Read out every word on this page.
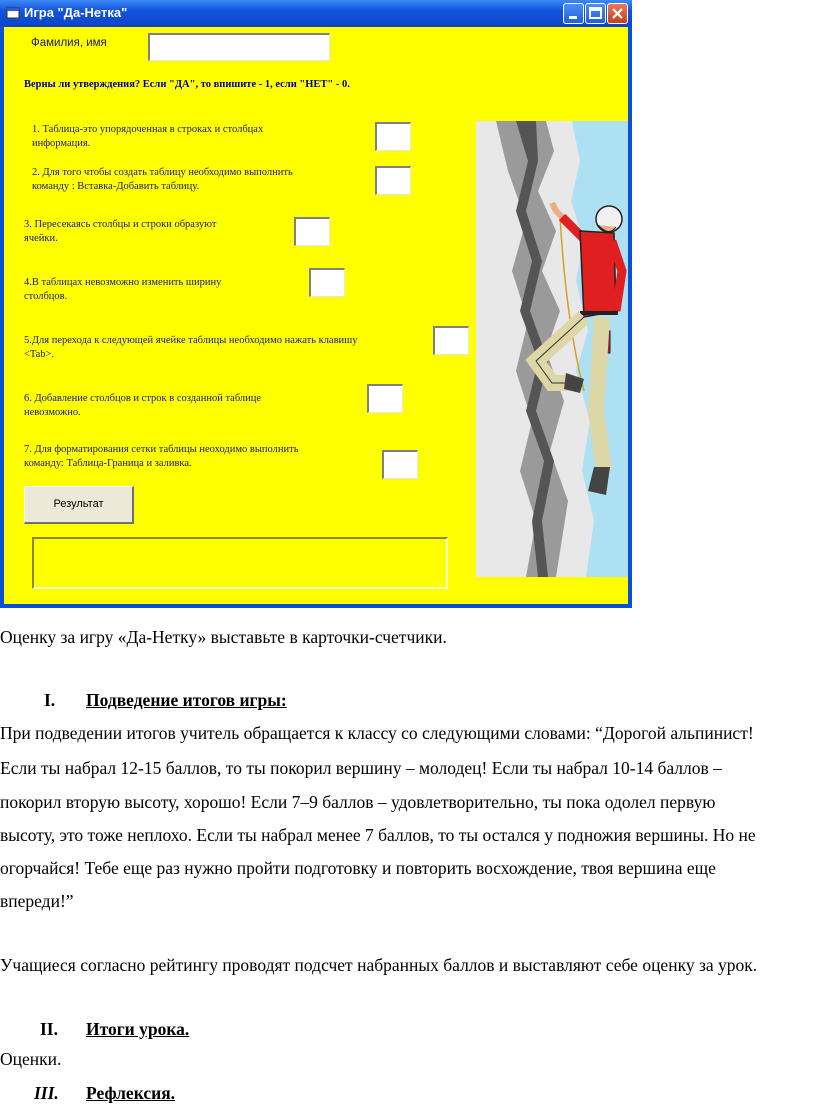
Игра "Да-Нетка"
Фамилия, имя
Верны ли утверждения? Если "ДА", то впишите - 1, если "НЕТ" - 0.
1. Таблица-это упорядоченная в строках и столбцах
информация.
2. Для того чтобы создать таблицу необходимо выполнить
команду : Вставка-Добавить таблицу.
3. Пересекаясь столбцы и строки образуют
ячейки.
4.В таблицах невозможно изменить ширину
столбцов.
5.Для перехода к следующей ячейке таблицы необходимо нажать клавишу
<Tab>.
6. Добавление столбцов и строк в созданной таблице
невозможно.
7. Для форматирования сетки таблицы неоходимо выполнить
команду: Таблица-Граница и заливка.
Результат
Оценку за игру «Да-Нетку» выставьте в карточки-счетчики.
I. Подведение итогов игры:
При подведении итогов учитель обращается к классу со следующими словами: “Дорогой альпинист!
Если ты набрал 12-15 баллов, то ты покорил вершину – молодец! Если ты набрал 10-14 баллов –
покорил вторую высоту, хорошо! Если 7–9 баллов – удовлетворительно, ты пока одолел первую
высоту, это тоже неплохо. Если ты набрал менее 7 баллов, то ты остался у подножия вершины. Но не
огорчайся! Тебе еще раз нужно пройти подготовку и повторить восхождение, твоя вершина еще
впереди!”
Учащиеся согласно рейтингу проводят подсчет набранных баллов и выставляют себе оценку за урок.
II. Итоги урока.
Оценки.
III. Рефлексия.
